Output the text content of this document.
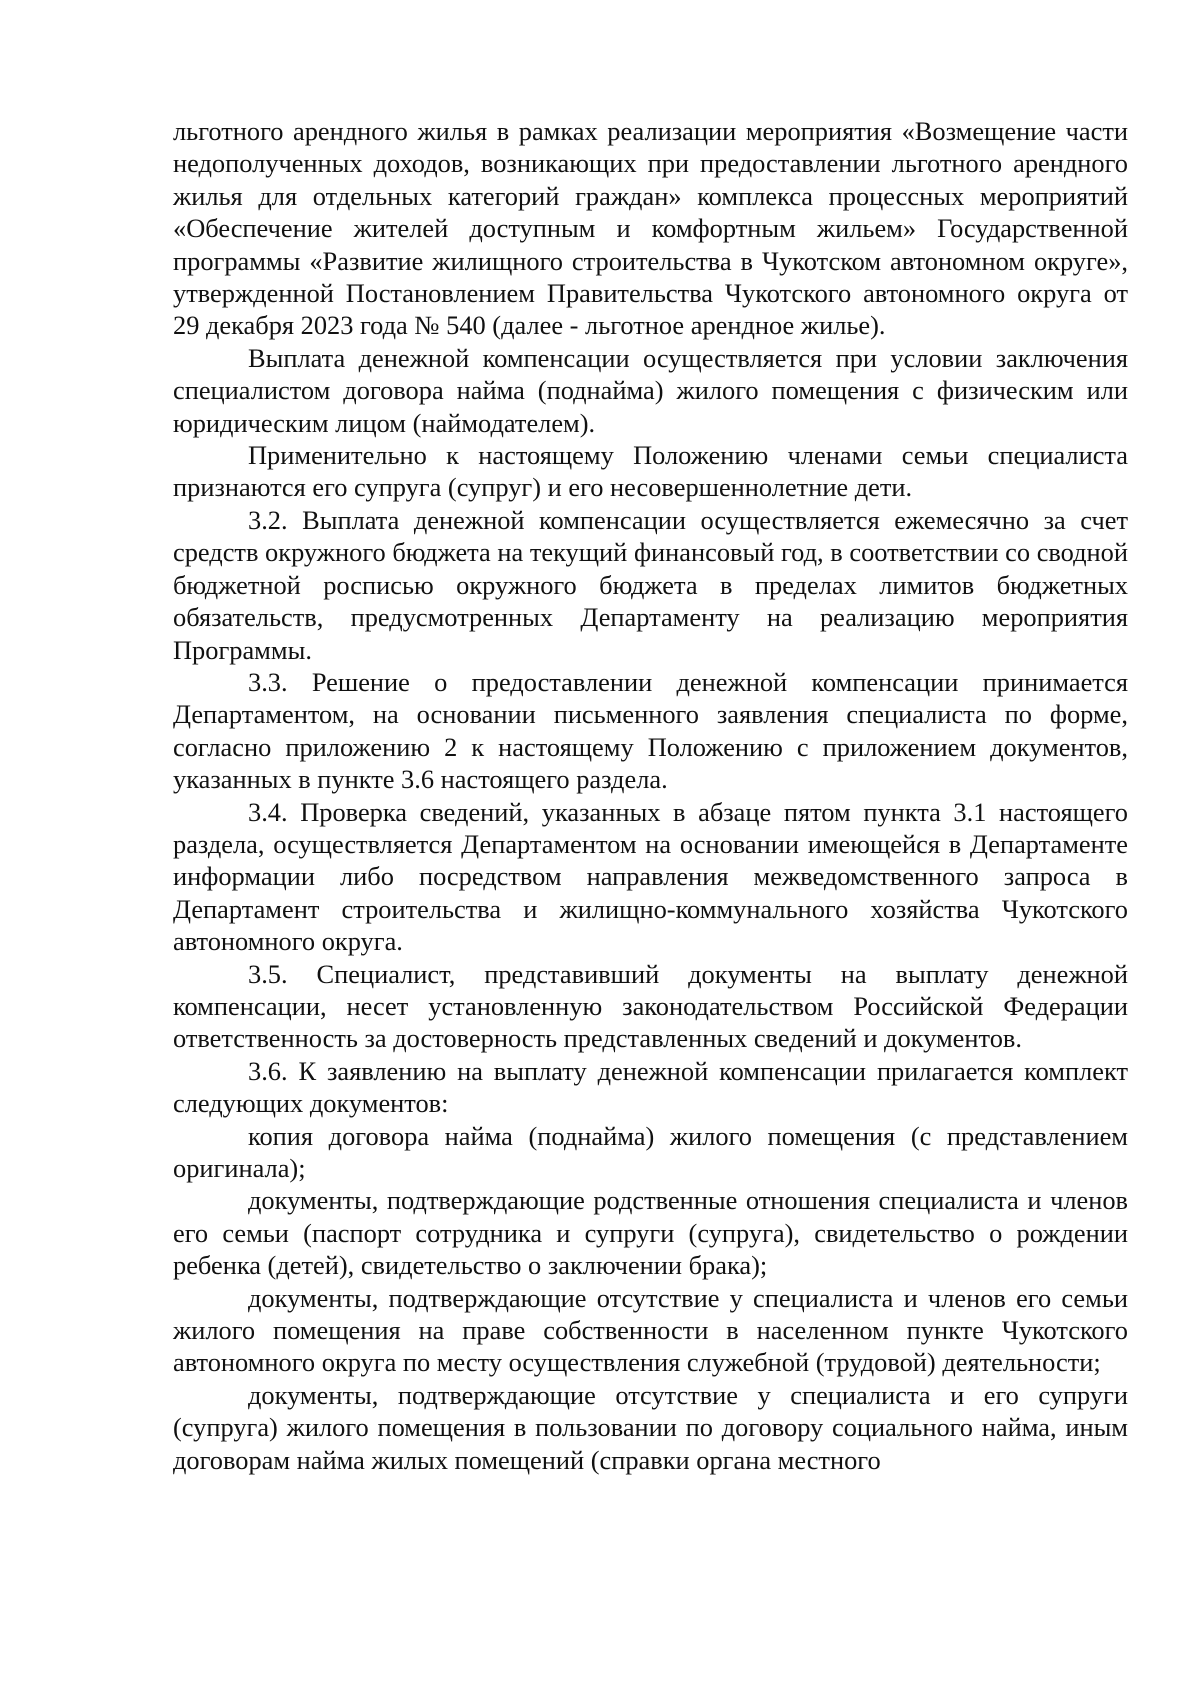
льготного арендного жилья в рамках реализации мероприятия «Возмещение части недополученных доходов, возникающих при предоставлении льготного арендного жилья для отдельных категорий граждан» комплекса процессных мероприятий «Обеспечение жителей доступным и комфортным жильем» Государственной программы «Развитие жилищного строительства в Чукотском автономном округе», утвержденной Постановлением Правительства Чукотского автономного округа от 29 декабря 2023 года № 540 (далее - льготное арендное жилье).

Выплата денежной компенсации осуществляется при условии заключения специалистом договора найма (поднайма) жилого помещения с физическим или юридическим лицом (наймодателем).

Применительно к настоящему Положению членами семьи специалиста признаются его супруга (супруг) и его несовершеннолетние дети.

3.2. Выплата денежной компенсации осуществляется ежемесячно за счет средств окружного бюджета на текущий финансовый год, в соответствии со сводной бюджетной росписью окружного бюджета в пределах лимитов бюджетных обязательств, предусмотренных Департаменту на реализацию мероприятия Программы.

3.3. Решение о предоставлении денежной компенсации принимается Департаментом, на основании письменного заявления специалиста по форме, согласно приложению 2 к настоящему Положению с приложением документов, указанных в пункте 3.6 настоящего раздела.

3.4. Проверка сведений, указанных в абзаце пятом пункта 3.1 настоящего раздела, осуществляется Департаментом на основании имеющейся в Департаменте информации либо посредством направления межведомственного запроса в Департамент строительства и жилищно-коммунального хозяйства Чукотского автономного округа.

3.5. Специалист, представивший документы на выплату денежной компенсации, несет установленную законодательством Российской Федерации ответственность за достоверность представленных сведений и документов.

3.6. К заявлению на выплату денежной компенсации прилагается комплект следующих документов:

копия договора найма (поднайма) жилого помещения (с представлением оригинала);

документы, подтверждающие родственные отношения специалиста и членов его семьи (паспорт сотрудника и супруги (супруга), свидетельство о рождении ребенка (детей), свидетельство о заключении брака);

документы, подтверждающие отсутствие у специалиста и членов его семьи жилого помещения на праве собственности в населенном пункте Чукотского автономного округа по месту осуществления служебной (трудовой) деятельности;

документы, подтверждающие отсутствие у специалиста и его супруги (супруга) жилого помещения в пользовании по договору социального найма, иным договорам найма жилых помещений (справки органа местного
